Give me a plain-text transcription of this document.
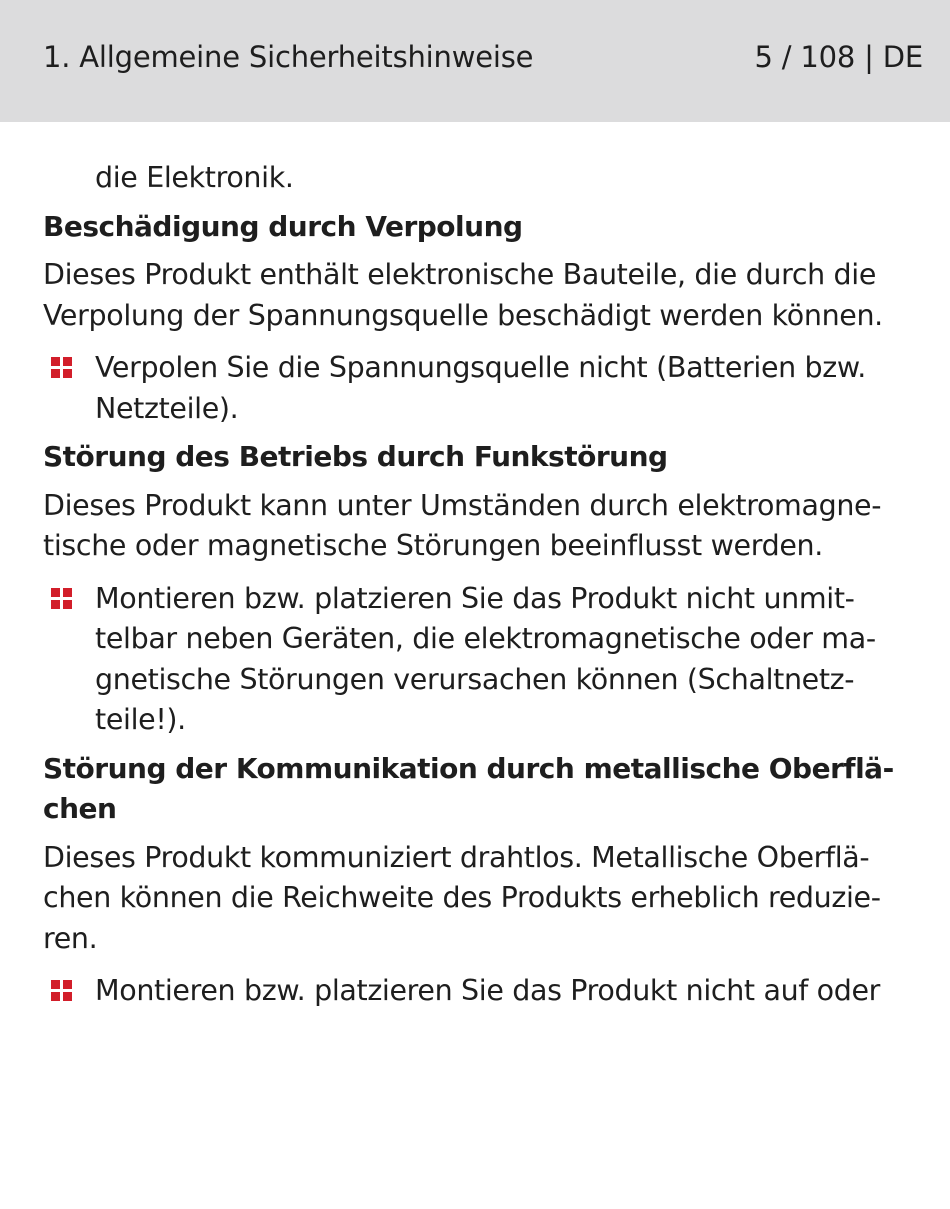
1. Allgemeine Sicherheitshinweise	5 / 108 | DE
die Elektronik.
Beschädigung durch Verpolung
Dieses Produkt enthält elektronische Bauteile, die durch die
Verpolung der Spannungsquelle beschädigt werden können.
Verpolen Sie die Spannungsquelle nicht (Batterien bzw.
Netzteile).
Störung des Betriebs durch Funkstörung
Dieses Produkt kann unter Umständen durch elektromagne-
tische oder magnetische Störungen beeinflusst werden.
Montieren bzw. platzieren Sie das Produkt nicht unmit-
telbar neben Geräten, die elektromagnetische oder ma-
gnetische Störungen verursachen können (Schaltnetz-
teile!).
Störung der Kommunikation durch metallische Oberflä-
chen
Dieses Produkt kommuniziert drahtlos. Metallische Oberflä-
chen können die Reichweite des Produkts erheblich reduzie-
ren.
Montieren bzw. platzieren Sie das Produkt nicht auf oder
